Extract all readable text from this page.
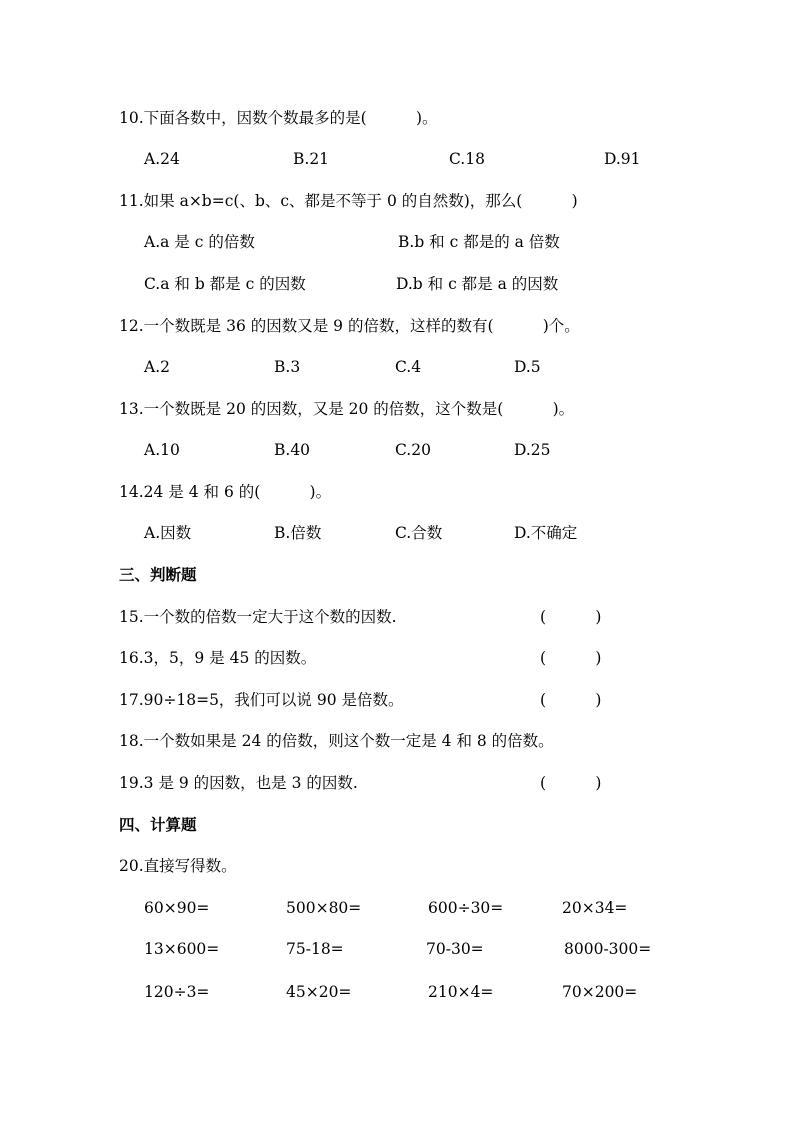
10.下面各数中，因数个数最多的是(          )。
A.24	B.21	C.18	D.91
11.如果 a×b=c(、b、c、都是不等于 0 的自然数)，那么(          )
A.a 是 c 的倍数	B.b 和 c 都是的 a 倍数
C.a 和 b 都是 c 的因数	D.b 和 c 都是 a 的因数
12.一个数既是 36 的因数又是 9 的倍数，这样的数有(          )个。
A.2	B.3	C.4	D.5
13.一个数既是 20 的因数，又是 20 的倍数，这个数是(          )。
A.10	B.40	C.20	D.25
14.24 是 4 和 6 的(          )。
A.因数	B.倍数	C.合数	D.不确定
三、判断题
15.一个数的倍数一定大于这个数的因数.	(          )
16.3，5，9 是 45 的因数。	(          )
17.90÷18=5，我们可以说 90 是倍数。	(          )
18.一个数如果是 24 的倍数，则这个数一定是 4 和 8 的倍数。
19.3 是 9 的因数，也是 3 的因数.	(          )
四、计算题
20.直接写得数。
60×90=	500×80=	600÷30=	20×34=
13×600=	75-18=	70-30=	8000-300=
120÷3=	45×20=	210×4=	70×200=
